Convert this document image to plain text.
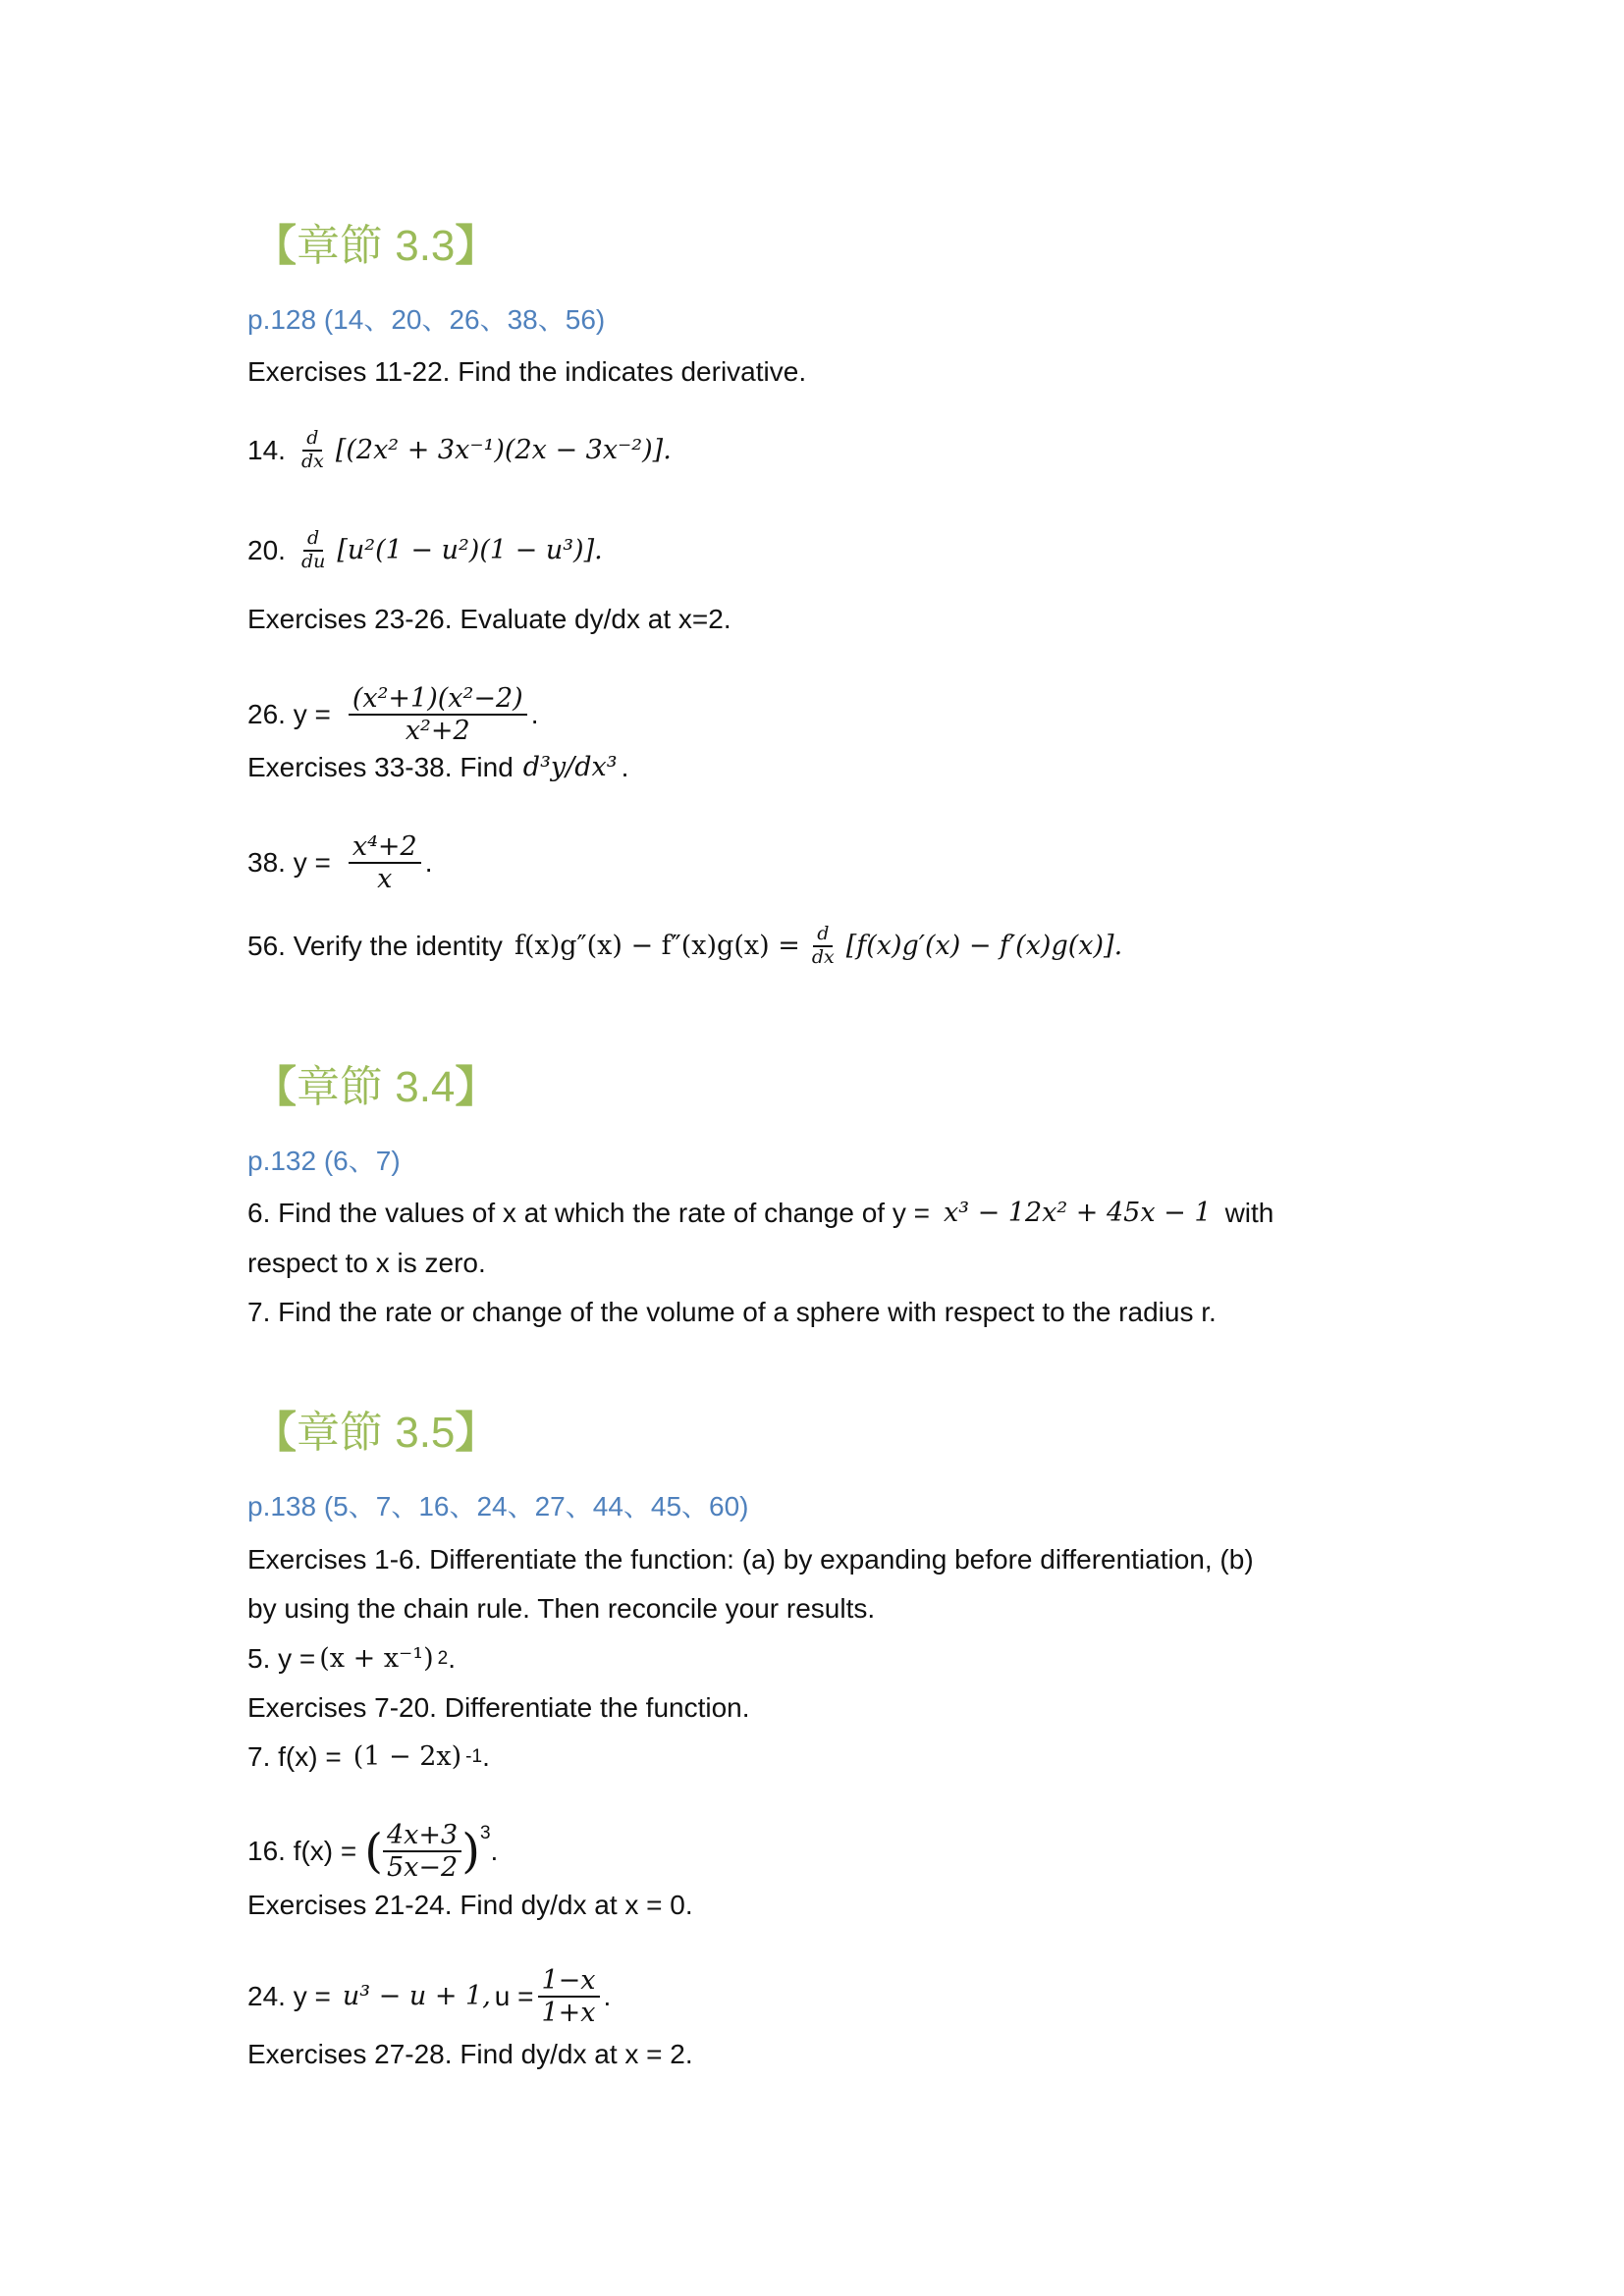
【章節 3.3】
p.128 (14、20、26、38、56)
Exercises 11-22. Find the indicates derivative.
14. $\frac{d}{dx} [(2x^2 + 3x^{-1})(2x - 3x^{-2})]$.
20. $\frac{d}{du} [u^2(1 - u^2)(1 - u^3)]$.
Exercises 23-26. Evaluate dy/dx at x=2.
26. $y = \frac{\text{(x²+1)(x²−2)}}{\text{x²+2}}$ .
Exercises 33-38. Find d³y/dx³ .
38. $y = \frac{\text{x⁴+2}}{x}$ .
56. Verify the identity $f(x)g''(x) - f''(x)g(x) = \frac{d}{dx} [f(x)g'(x) - f'(x)g(x)]$.
【章節 3.4】
p.132 (6、7)
6. Find the values of x at which the rate of change of y = x³ − 12x² + 45x − 1 with
respect to x is zero.
7. Find the rate or change of the volume of a sphere with respect to the radius r.
【章節 3.5】
p.138 (5、7、16、24、27、44、45、60)
Exercises 1-6. Differentiate the function: (a) by expanding before differentiation, (b)
by using the chain rule. Then reconcile your results.
5. y = (x + x⁻¹) 2 .
Exercises 7-20. Differentiate the function.
7. f(x) = (1 − 2x) -1 .
16. f(x) = ( $\frac{4x+3}{5x-2} )^3$
.
Exercises 21-24. Find dy/dx at x = 0.
24. y = u³ − u + 1, $u = \frac{1-x}{1+x}$ .
Exercises 27-28. Find dy/dx at x = 2.
